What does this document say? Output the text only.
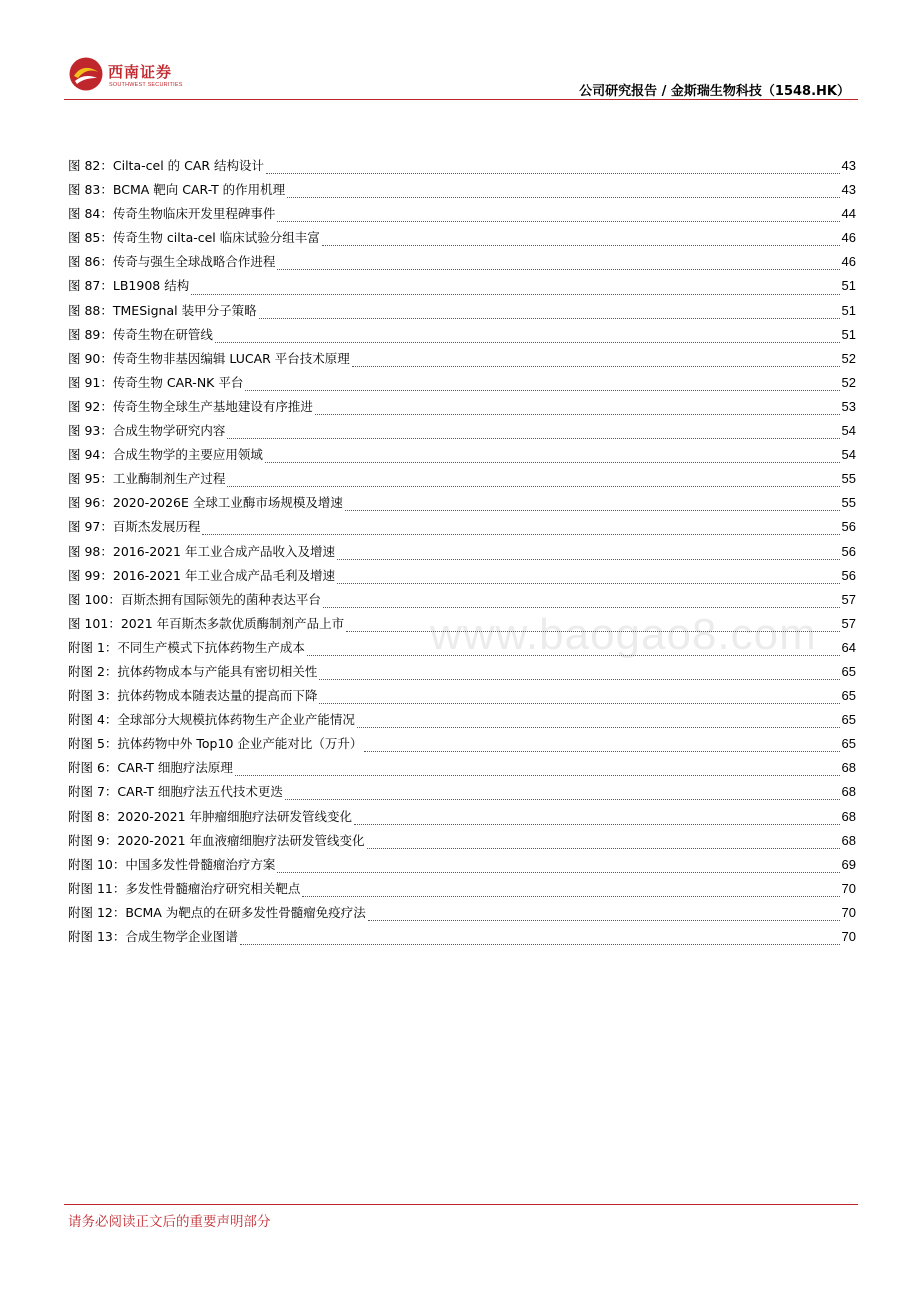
西南证券
SOUTHWEST SECURITIES	公司研究报告 / 金斯瑞生物科技（1548.HK）
www.baogao8.com
图 82：Cilta-cel 的 CAR 结构设计	43
图 83：BCMA 靶向 CAR-T 的作用机理	43
图 84：传奇生物临床开发里程碑事件	44
图 85：传奇生物 cilta-cel 临床试验分组丰富	46
图 86：传奇与强生全球战略合作进程	46
图 87：LB1908 结构	51
图 88：TMESignal 装甲分子策略	51
图 89：传奇生物在研管线	51
图 90：传奇生物非基因编辑 LUCAR 平台技术原理	52
图 91：传奇生物 CAR-NK 平台	52
图 92：传奇生物全球生产基地建设有序推进	53
图 93：合成生物学研究内容	54
图 94：合成生物学的主要应用领域	54
图 95：工业酶制剂生产过程	55
图 96：2020-2026E 全球工业酶市场规模及增速	55
图 97：百斯杰发展历程	56
图 98：2016-2021 年工业合成产品收入及增速	56
图 99：2016-2021 年工业合成产品毛利及增速	56
图 100：百斯杰拥有国际领先的菌种表达平台	57
图 101：2021 年百斯杰多款优质酶制剂产品上市	57
附图 1：不同生产模式下抗体药物生产成本	64
附图 2：抗体药物成本与产能具有密切相关性	65
附图 3：抗体药物成本随表达量的提高而下降	65
附图 4：全球部分大规模抗体药物生产企业产能情况	65
附图 5：抗体药物中外 Top10 企业产能对比（万升）	65
附图 6：CAR-T 细胞疗法原理	68
附图 7：CAR-T 细胞疗法五代技术更迭	68
附图 8：2020-2021 年肿瘤细胞疗法研发管线变化	68
附图 9：2020-2021 年血液瘤细胞疗法研发管线变化	68
附图 10：中国多发性骨髓瘤治疗方案	69
附图 11：多发性骨髓瘤治疗研究相关靶点	70
附图 12：BCMA 为靶点的在研多发性骨髓瘤免疫疗法	70
附图 13：合成生物学企业图谱	70
请务必阅读正文后的重要声明部分
